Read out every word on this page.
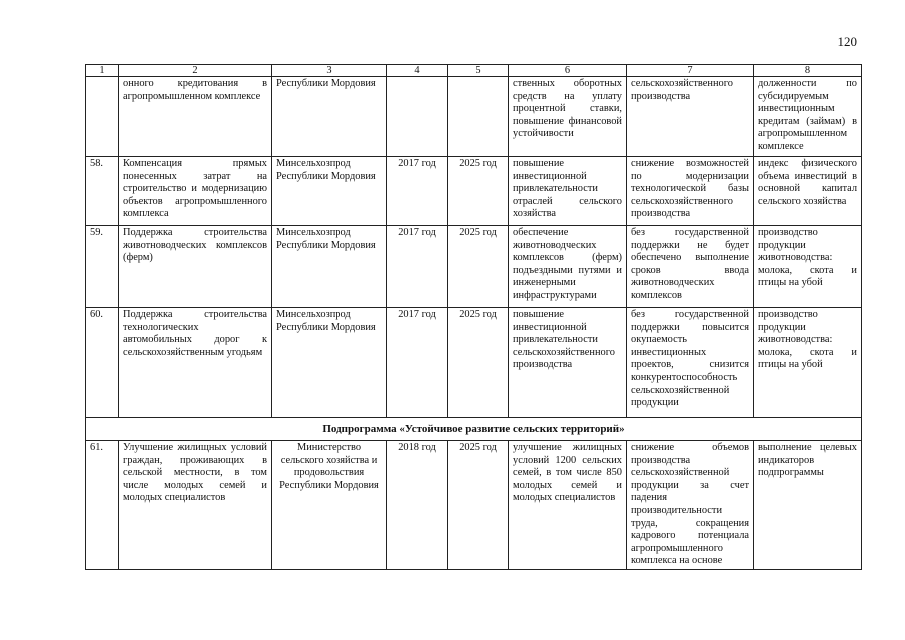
120
1	2	3	4	5	6	7	8
	онного кредитования в агропромышленном комплексе	Республики Мордовия			ственных оборотных средств на уплату процентной ставки, повышение финансовой устойчивости	сельскохозяйственного производства	долженности по субсидируемым инвестиционным кредитам (займам) в агропромышленном комплексе
58.	Компенсация прямых понесенных затрат на строительство и модернизацию объектов агропромышленного комплекса	Минсельхозпрод Республики Мордовия	2017 год	2025 год	повышение инвестиционной привлекательности отраслей сельского хозяйства	снижение возможностей по модернизации технологической базы сельскохозяйственного производства	индекс физического объема инвестиций в основной капитал сельского хозяйства
59.	Поддержка строительства животноводческих комплексов (ферм)	Минсельхозпрод Республики Мордовия	2017 год	2025 год	обеспечение животноводческих комплексов (ферм) подъездными путями и инженерными инфраструктурами	без государственной поддержки не будет обеспечено выполнение сроков ввода животноводческих комплексов	производство продукции животноводства: молока, скота и птицы на убой
60.	Поддержка строительства технологических автомобильных дорог к сельскохозяйственным угодьям	Минсельхозпрод Республики Мордовия	2017 год	2025 год	повышение инвестиционной привлекательности сельскохозяйственного производства	без государственной поддержки повысится окупаемость инвестиционных проектов, снизится конкурентоспособность сельскохозяйственной продукции	производство продукции животноводства: молока, скота и птицы на убой
Подпрограмма «Устойчивое развитие сельских территорий»							
61.	Улучшение жилищных условий граждан, проживающих в сельской местности, в том числе молодых семей и молодых специалистов	Министерство сельского хозяйства и продовольствия Республики Мордовия	2018 год	2025 год	улучшение жилищных условий 1200 сельских семей, в том числе 850 молодых семей и молодых специалистов	снижение объемов производства сельскохозяйственной продукции за счет падения производительности труда, сокращения кадрового потенциала агропромышленного комплекса на основе	выполнение целевых индикаторов подпрограммы
